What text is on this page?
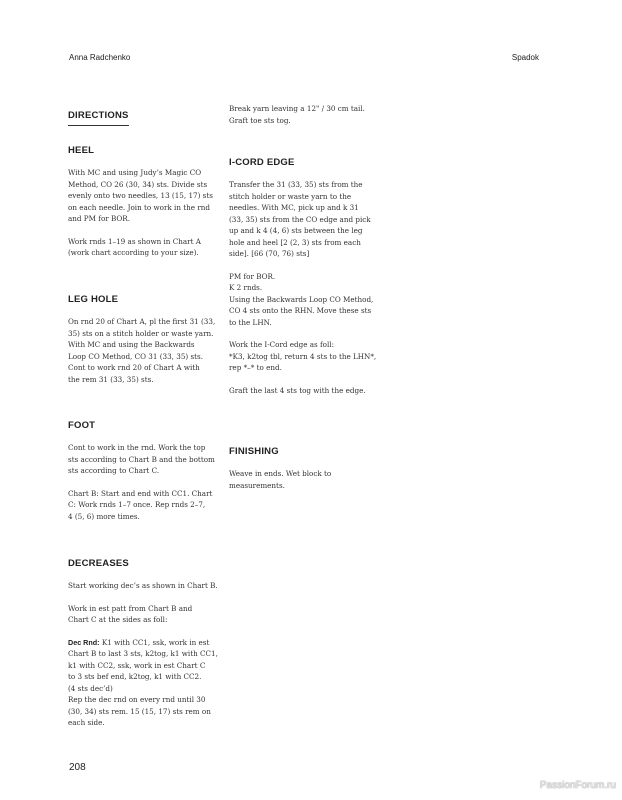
Anna Radchenko	Spadok
DIRECTIONS
HEEL

With MC and using Judy’s Magic CO
Method, CO 26 (30, 34) sts. Divide sts
evenly onto two needles, 13 (15, 17) sts
on each needle. Join to work in the rnd
and PM for BOR.

Work rnds 1–19 as shown in Chart A
(work chart according to your size).

LEG HOLE

On rnd 20 of Chart A, pl the first 31 (33,
35) sts on a stitch holder or waste yarn.
With MC and using the Backwards
Loop CO Method, CO 31 (33, 35) sts.
Cont to work rnd 20 of Chart A with
the rem 31 (33, 35) sts.

FOOT

Cont to work in the rnd. Work the top
sts according to Chart B and the bottom
sts according to Chart C.

Chart B: Start and end with CC1. Chart
C: Work rnds 1–7 once. Rep rnds 2–7,
4 (5, 6) more times.

DECREASES

Start working dec’s as shown in Chart B.

Work in est patt from Chart B and
Chart C at the sides as foll:

Dec Rnd: K1 with CC1, ssk, work in est
Chart B to last 3 sts, k2tog, k1 with CC1,
k1 with CC2, ssk, work in est Chart C
to 3 sts bef end, k2tog, k1 with CC2.
(4 sts dec’d)
Rep the dec rnd on every rnd until 30
(30, 34) sts rem. 15 (15, 17) sts rem on
each side.

Break yarn leaving a 12" / 30 cm tail.
Graft toe sts tog.

I-CORD EDGE

Transfer the 31 (33, 35) sts from the
stitch holder or waste yarn to the
needles. With MC, pick up and k 31
(33, 35) sts from the CO edge and pick
up and k 4 (4, 6) sts between the leg
hole and heel [2 (2, 3) sts from each
side]. [66 (70, 76) sts]

PM for BOR.
K 2 rnds.
Using the Backwards Loop CO Method,
CO 4 sts onto the RHN. Move these sts
to the LHN.

Work the I-Cord edge as foll:
*K3, k2tog tbl, return 4 sts to the LHN*,
rep *–* to end.

Graft the last 4 sts tog with the edge.

FINISHING

Weave in ends. Wet block to
measurements.

208
PassionForum.ru
